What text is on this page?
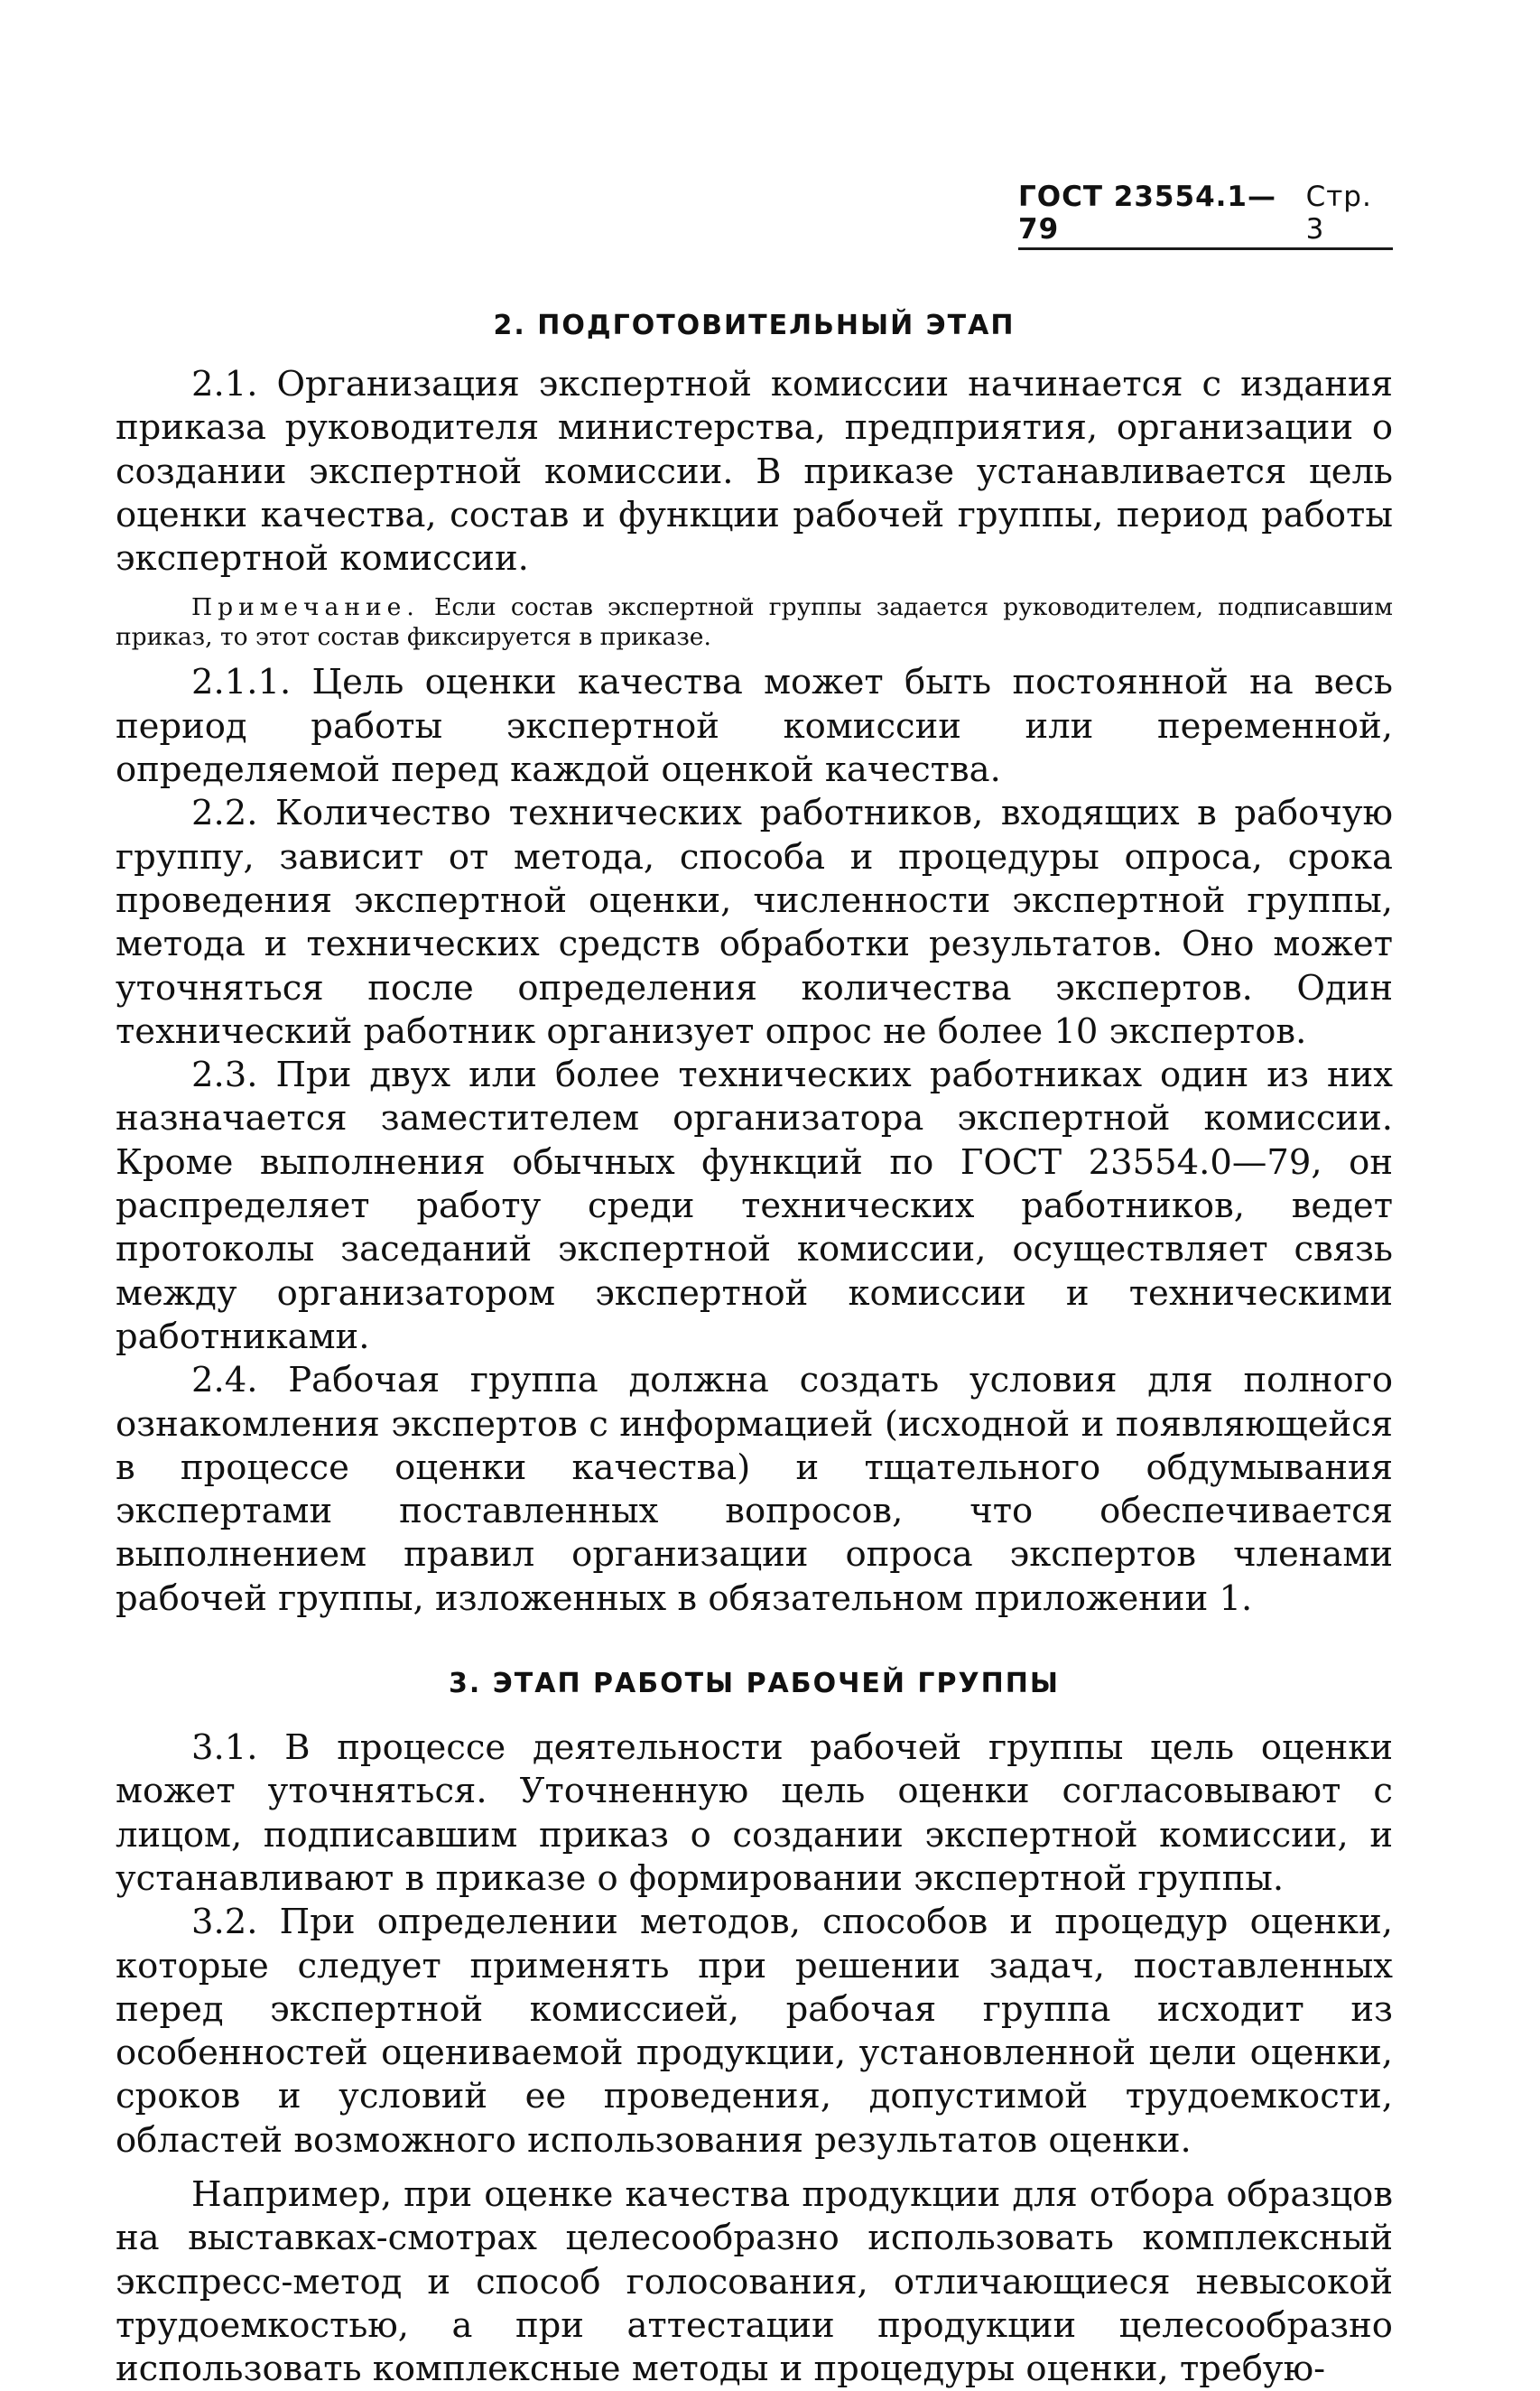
ГОСТ 23554.1—79
Стр. 3
2. ПОДГОТОВИТЕЛЬНЫЙ ЭТАП

2.1. Организация экспертной комиссии начинается с издания приказа руководителя министерства, предприятия, организации о создании экспертной комиссии. В приказе устанавливается цель оценки качества, состав и функции рабочей группы, период работы экспертной комиссии.

Примечание. Если состав экспертной группы задается руководителем, подписавшим приказ, то этот состав фиксируется в приказе.

2.1.1. Цель оценки качества может быть постоянной на весь период работы экспертной комиссии или переменной, определяемой перед каждой оценкой качества.

2.2. Количество технических работников, входящих в рабочую группу, зависит от метода, способа и процедуры опроса, срока проведения экспертной оценки, численности экспертной группы, метода и технических средств обработки результатов. Оно может уточняться после определения количества экспертов. Один технический работник организует опрос не более 10 экспертов.

2.3. При двух или более технических работниках один из них назначается заместителем организатора экспертной комиссии. Кроме выполнения обычных функций по ГОСТ 23554.0—79, он распределяет работу среди технических работников, ведет протоколы заседаний экспертной комиссии, осуществляет связь между организатором экспертной комиссии и техническими работниками.

2.4. Рабочая группа должна создать условия для полного ознакомления экспертов с информацией (исходной и появляющейся в процессе оценки качества) и тщательного обдумывания экспертами поставленных вопросов, что обеспечивается выполнением правил организации опроса экспертов членами рабочей группы, изложенных в обязательном приложении 1.

3. ЭТАП РАБОТЫ РАБОЧЕЙ ГРУППЫ

3.1. В процессе деятельности рабочей группы цель оценки может уточняться. Уточненную цель оценки согласовывают с лицом, подписавшим приказ о создании экспертной комиссии, и устанавливают в приказе о формировании экспертной группы.

3.2. При определении методов, способов и процедур оценки, которые следует применять при решении задач, поставленных перед экспертной комиссией, рабочая группа исходит из особенностей оцениваемой продукции, установленной цели оценки, сроков и условий ее проведения, допустимой трудоемкости, областей возможного использования результатов оценки.

Например, при оценке качества продукции для отбора образцов на выставках-смотрах целесообразно использовать комплексный экспресс-метод и способ голосования, отличающиеся невысокой трудоемкостью, а при аттестации продукции целесообразно использовать комплексные методы и процедуры оценки, требую-
